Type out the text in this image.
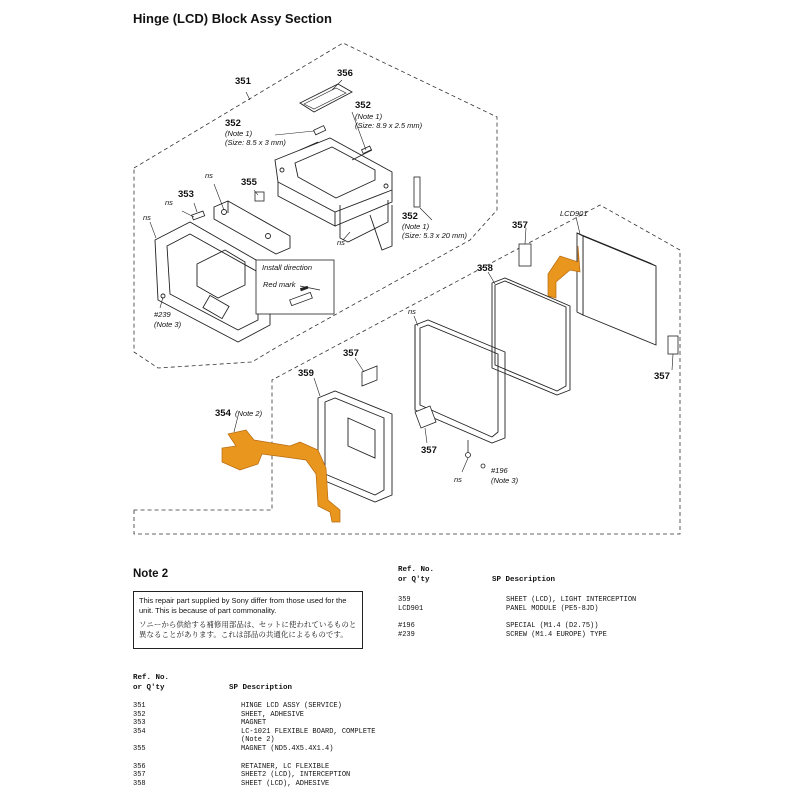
Hinge (LCD) Block Assy Section
351
356
352
(Note 1)
(Size: 8.9 x 2.5 mm)
352
(Note 1)
(Size: 8.5 x 3 mm)
352
(Note 1)
(Size: 5.3 x 20 mm)
353
355
ns
ns
ns
ns
Install direction
Red mark
#239
(Note 3)
357
LCD901
358
357
ns
357
359
354 (Note 2)
357
ns
#196
(Note 3)
Note 2

This repair part supplied by Sony differ from those used for the unit. This is because of part commonality.

ソニーから供給する補修用部品は、セットに使われているものと

異なることがあります。これは部品の共通化によるものです。

Ref. No.
or Q'ty	SP Description
359	SHEET (LCD), LIGHT INTERCEPTION
LCD901	PANEL MODULE (PE5-8JD)

#196	SPECIAL (M1.4 (D2.75))
#239	SCREW (M1.4 EUROPE) TYPE
Ref. No.
or Q'ty	SP Description
351	HINGE LCD ASSY (SERVICE)
352	SHEET, ADHESIVE
353	MAGNET
354	LC-1021 FLEXIBLE BOARD, COMPLETE
	(Note 2)
355	MAGNET (ND5.4X5.4X1.4)

356	RETAINER, LC FLEXIBLE
357	SHEET2 (LCD), INTERCEPTION
358	SHEET (LCD), ADHESIVE
